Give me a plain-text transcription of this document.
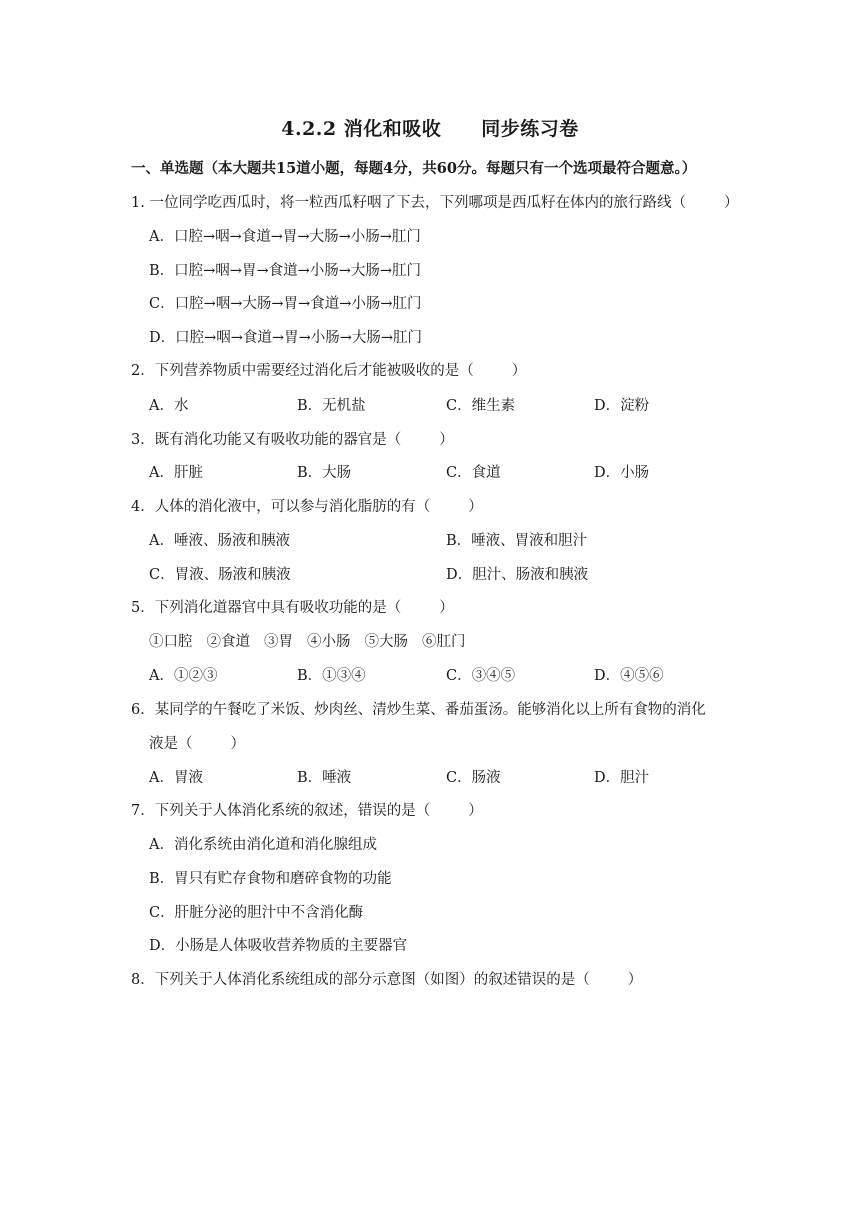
4.2.2 消化和吸收 同步练习卷
一、单选题（本大题共15道小题，每题4分，共60分。每题只有一个选项最符合题意。）
1. 一位同学吃西瓜时，将一粒西瓜籽咽了下去，下列哪项是西瓜籽在体内的旅行路线（	）
A．口腔→咽→食道→胃→大肠→小肠→肛门
B．口腔→咽→胃→食道→小肠→大肠→肛门
C．口腔→咽→大肠→胃→食道→小肠→肛门
D．口腔→咽→食道→胃→小肠→大肠→肛门
2．下列营养物质中需要经过消化后才能被吸收的是（	）
A．水	B．无机盐	C．维生素	D．淀粉
3．既有消化功能又有吸收功能的器官是（	）
A．肝脏	B．大肠	C．食道	D．小肠
4．人体的消化液中，可以参与消化脂肪的有（	）
A．唾液、肠液和胰液	B．唾液、胃液和胆汁
C．胃液、肠液和胰液	D．胆汁、肠液和胰液
5．下列消化道器官中具有吸收功能的是（	）
①口腔 ②食道 ③胃 ④小肠 ⑤大肠 ⑥肛门
A．①②③	B．①③④	C．③④⑤	D．④⑤⑥
6．某同学的午餐吃了米饭、炒肉丝、清炒生菜、番茄蛋汤。能够消化以上所有食物的消化
液是（	）
A．胃液	B．唾液	C．肠液	D．胆汁
7．下列关于人体消化系统的叙述，错误的是（	）
A．消化系统由消化道和消化腺组成
B．胃只有贮存食物和磨碎食物的功能
C．肝脏分泌的胆汁中不含消化酶
D．小肠是人体吸收营养物质的主要器官
8．下列关于人体消化系统组成的部分示意图（如图）的叙述错误的是（	）
